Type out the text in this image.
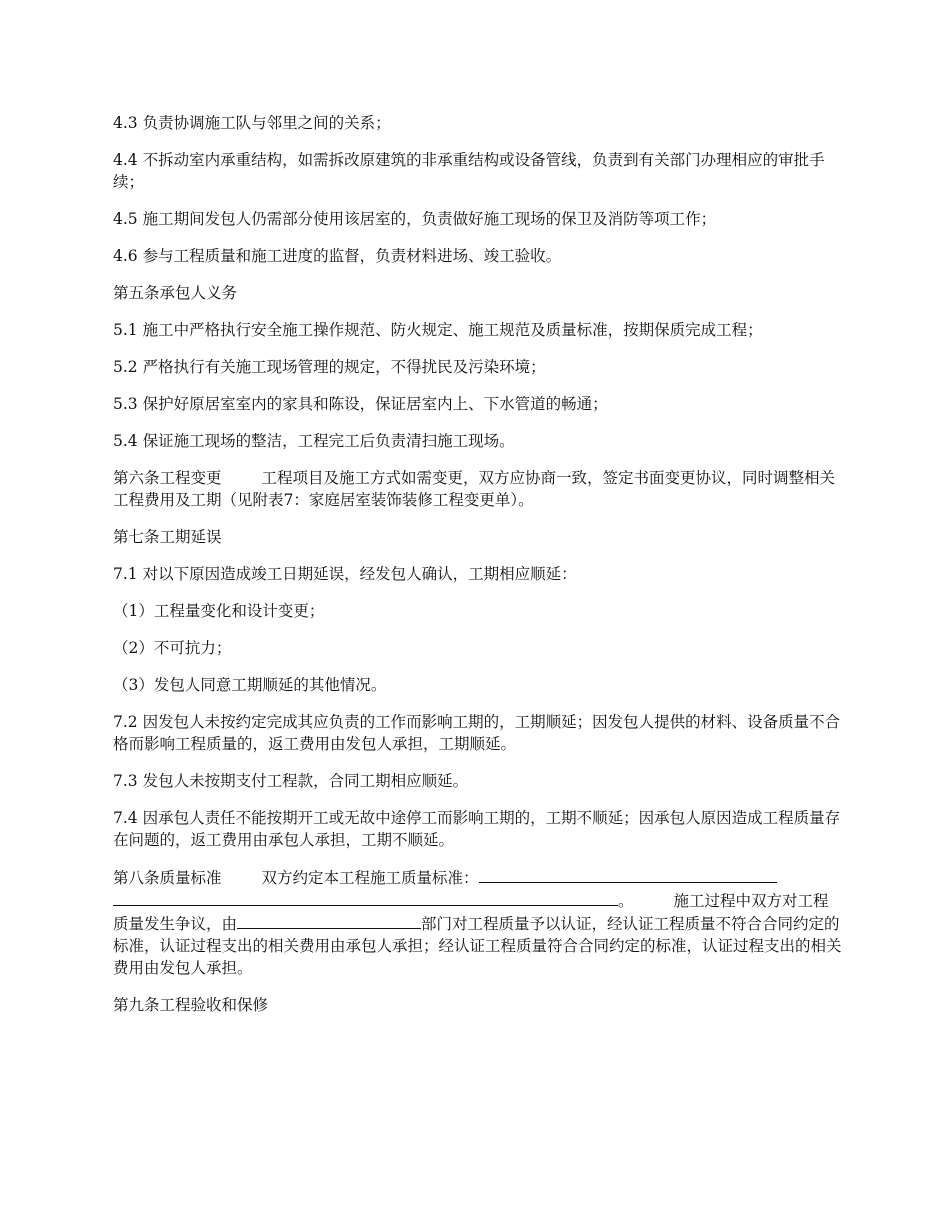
4.3 负责协调施工队与邻里之间的关系；

4.4 不拆动室内承重结构，如需拆改原建筑的非承重结构或设备管线，负责到有关部门办理相应的审批手续；

4.5 施工期间发包人仍需部分使用该居室的，负责做好施工现场的保卫及消防等项工作；

4.6 参与工程质量和施工进度的监督，负责材料进场、竣工验收。

第五条承包人义务

5.1 施工中严格执行安全施工操作规范、防火规定、施工规范及质量标准，按期保质完成工程；

5.2 严格执行有关施工现场管理的规定，不得扰民及污染环境；

5.3 保护好原居室室内的家具和陈设，保证居室内上、下水管道的畅通；

5.4 保证施工现场的整洁，工程完工后负责清扫施工现场。

第六条工程变更	工程项目及施工方式如需变更，双方应协商一致，签定书面变更协议，同时调整相关工程费用及工期（见附表7：家庭居室装饰装修工程变更单）。

第七条工期延误

7.1 对以下原因造成竣工日期延误，经发包人确认，工期相应顺延：

（1）工程量变化和设计变更；

（2）不可抗力；

（3）发包人同意工期顺延的其他情况。

7.2 因发包人未按约定完成其应负责的工作而影响工期的，工期顺延；因发包人提供的材料、设备质量不合格而影响工程质量的，返工费用由发包人承担，工期顺延。

7.3 发包人未按期支付工程款，合同工期相应顺延。

7.4 因承包人责任不能按期开工或无故中途停工而影响工期的，工期不顺延；因承包人原因造成工程质量存在问题的，返工费用由承包人承担，工期不顺延。

第八条质量标准	双方约定本工程施工质量标准：。	施工过程中双方对工程质量发生争议，由	部门对工程质量予以认证，经认证工程质量不符合合同约定的标准，认证过程支出的相关费用由承包人承担；经认证工程质量符合合同约定的标准，认证过程支出的相关费用由发包人承担。

第九条工程验收和保修
